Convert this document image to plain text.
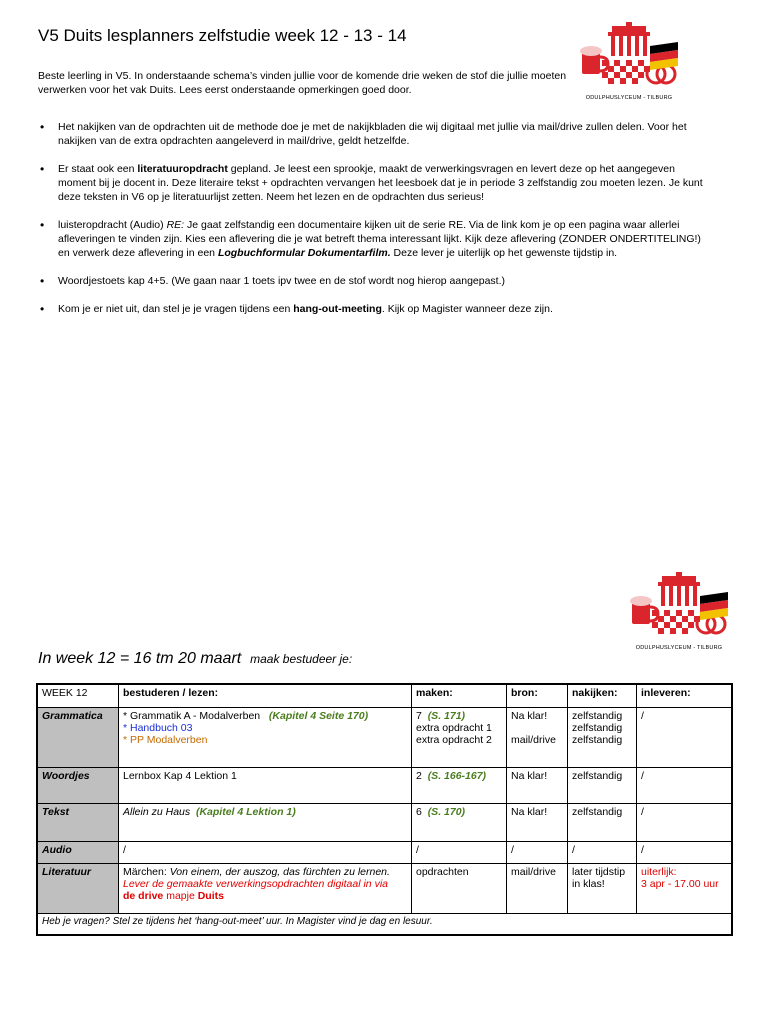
V5 Duits lesplanners zelfstudie week 12 - 13 - 14
ODULPHUSLYCEUM - TILBURG
Beste leerling in V5. In onderstaande schema’s vinden jullie voor de komende drie weken de stof die jullie moeten verwerken voor het vak Duits. Lees eerst onderstaande opmerkingen goed door.
• Het nakijken van de opdrachten uit de methode doe je met de nakijkbladen die wij digitaal met jullie via mail/drive zullen delen. Voor het nakijken van de extra opdrachten aangeleverd in mail/drive, geldt hetzelfde.
• Er staat ook een literatuuropdracht gepland. Je leest een sprookje, maakt de verwerkingsvragen en levert deze op het aangegeven moment bij je docent in. Deze literaire tekst + opdrachten vervangen het leesboek dat je in periode 3 zelfstandig zou moeten lezen. Je kunt deze teksten in V6 op je literatuurlijst zetten. Neem het lezen en de opdrachten dus serieus!
• luisteropdracht (Audio) RE: Je gaat zelfstandig een documentaire kijken uit de serie RE. Via de link kom je op een pagina waar allerlei afleveringen te vinden zijn. Kies een aflevering die je wat betreft thema interessant lijkt. Kijk deze aflevering (ZONDER ONDERTITELING!) en verwerk deze aflevering in een Logbuchformular Dokumentarfilm. Deze lever je uiterlijk op het gewenste tijdstip in.
• Woordjestoets kap 4+5. (We gaan naar 1 toets ipv twee en de stof wordt nog hierop aangepast.)
• Kom je er niet uit, dan stel je je vragen tijdens een hang-out-meeting. Kijk op Magister wanneer deze zijn.
ODULPHUSLYCEUM - TILBURG
In week 12 = 16 tm 20 maart maak bestudeer je:
WEEK 12	bestuderen / lezen:	maken:	bron:	nakijken:	inleveren:
Grammatica	* Grammatik A - Modalverben (Kapitel 4 Seite 170)
* Handbuch 03
* PP Modalverben	7 (S. 171)
extra opdracht 1
extra opdracht 2	Na klar!

mail/drive	zelfstandig
zelfstandig
zelfstandig	/
Woordjes	Lernbox Kap 4 Lektion 1	2 (S. 166-167)	Na klar!	zelfstandig	/
Tekst	Allein zu Haus (Kapitel 4 Lektion 1)	6 (S. 170)	Na klar!	zelfstandig	/
Audio	/	/	/	/	/
Literatuur	Märchen: Von einem, der auszog, das fürchten zu lernen.
Lever de gemaakte verwerkingsopdrachten digitaal in via
de drive mapje Duits	opdrachten	mail/drive	later tijdstip
in klas!	uiterlijk:
3 apr - 17.00 uur
Heb je vragen? Stel ze tijdens het ‘hang-out-meet’ uur. In Magister vind je dag en lesuur.					
